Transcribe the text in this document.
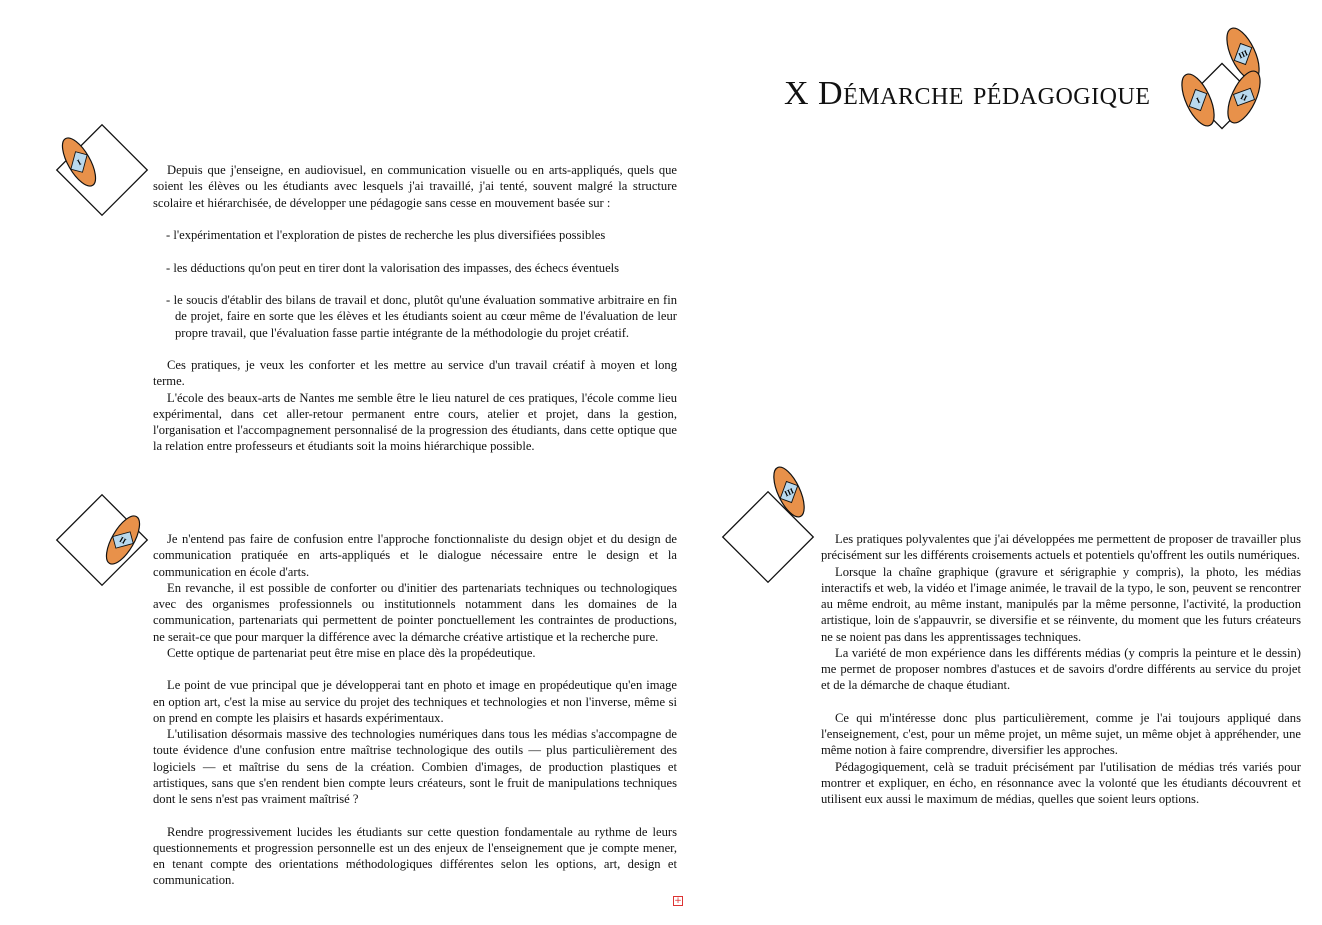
X Démarche pédagogique
III
I	II
I
II
III

Depuis que j'enseigne, en audiovisuel, en communication visuelle ou en arts-appliqués, quels que soient les élèves ou les étudiants avec lesquels j'ai travaillé, j'ai tenté, souvent malgré la structure scolaire et hiérarchisée, de développer une pédagogie sans cesse en mouvement basée sur :

- l'expérimentation et l'exploration de pistes de recherche les plus diversifiées possibles

- les déductions qu'on peut en tirer dont la valorisation des impasses, des échecs éventuels

- le soucis d'établir des bilans de travail et donc, plutôt qu'une évaluation sommative arbitraire en fin de projet, faire en sorte que les élèves et les étudiants soient au cœur même de l'évaluation de leur propre travail, que l'évaluation fasse partie intégrante de la méthodologie du projet créatif.

Ces pratiques, je veux les conforter et les mettre au service d'un travail créatif à moyen et long terme.

L'école des beaux-arts de Nantes me semble être le lieu naturel de ces pratiques, l'école comme lieu expérimental, dans cet aller-retour permanent entre cours, atelier et projet, dans la gestion, l'organisation et l'accompagnement personnalisé de la progression des étudiants, dans cette optique que la relation entre professeurs et étudiants soit la moins hiérarchique possible.

Je n'entend pas faire de confusion entre l'approche fonctionnaliste du design objet et du design de communication pratiquée en arts-appliqués et le dialogue nécessaire entre le design et la communication en école d'arts.

En revanche, il est possible de conforter ou d'initier des partenariats techniques ou technologiques avec des organismes professionnels ou institutionnels notamment dans les domaines de la communication, partenariats qui permettent de pointer ponctuellement les contraintes de productions, ne serait-ce que pour marquer la différence avec la démarche créative artistique et la recherche pure.

Cette optique de partenariat peut être mise en place dès la propédeutique.

Le point de vue principal que je développerai tant en photo et image en propédeutique qu'en image en option art, c'est la mise au service du projet des techniques et technologies et non l'inverse, même si on prend en compte les plaisirs et hasards expérimentaux.

L'utilisation désormais massive des technologies numériques dans tous les médias s'accompagne de toute évidence d'une confusion entre maîtrise technologique des outils — plus particulièrement des logiciels — et maîtrise du sens de la création. Combien d'images, de production plastiques et artistiques, sans que s'en rendent bien compte leurs créateurs, sont le fruit de manipulations techniques dont le sens n'est pas vraiment maîtrisé ?

Rendre progressivement lucides les étudiants sur cette question fondamentale au rythme de leurs questionnements et progression personnelle est un des enjeux de l'enseignement que je compte mener, en tenant compte des orientations méthodologiques différentes selon les options, art, design et communication.

Les pratiques polyvalentes que j'ai développées me permettent de proposer de travailler plus précisément sur les différents croisements actuels et potentiels qu'offrent les outils numériques.

Lorsque la chaîne graphique (gravure et sérigraphie y compris), la photo, les médias interactifs et web, la vidéo et l'image animée, le travail de la typo, le son, peuvent se rencontrer au même endroit, au même instant, manipulés par la même personne, l'activité, la production artistique, loin de s'appauvrir, se diversifie et se réinvente, du moment que les futurs créateurs ne se noient pas dans les apprentissages techniques.

La variété de mon expérience dans les différents médias (y compris la peinture et le dessin) me permet de proposer nombres d'astuces et de savoirs d'ordre différents au service du projet et de la démarche de chaque étudiant.

Ce qui m'intéresse donc plus particulièrement, comme je l'ai toujours appliqué dans l'enseignement, c'est, pour un même projet, un même sujet, un même objet à appréhender, une même notion à faire comprendre, diversifier les approches.

Pédagogiquement, celà se traduit précisément par l'utilisation de médias trés variés pour montrer et expliquer, en écho, en résonnance avec la volonté que les étudiants découvrent et utilisent eux aussi le maximum de médias, quelles que soient leurs options.

+
